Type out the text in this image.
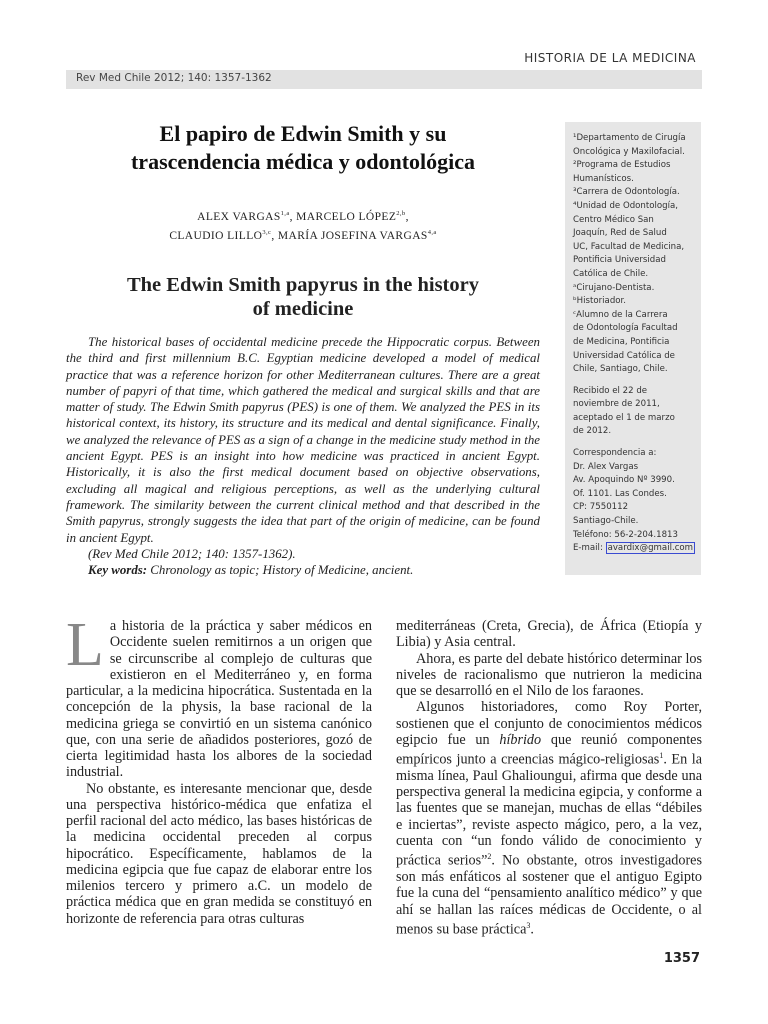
HISTORIA DE LA MEDICINA
Rev Med Chile 2012; 140: 1357-1362
El papiro de Edwin Smith y su
trascendencia médica y odontológica
ALEX VARGAS$^{1,a}$, MARCELO LÓPEZ$^{2,b}$,
CLAUDIO LILLO$^{3,c}$, MARÍA JOSEFINA VARGAS$^{4,a}$
The Edwin Smith papyrus in the history
of medicine

The historical bases of occidental medicine precede the Hippocratic corpus. Between the third and first millennium B.C. Egyptian medicine developed a model of medical practice that was a reference horizon for other Mediterranean cultures. There are a great number of papyri of that time, which gathered the medical and surgical skills and that are matter of study. The Edwin Smith papyrus (PES) is one of them. We analyzed the PES in its historical context, its history, its structure and its medical and dental significance. Finally, we analyzed the relevance of PES as a sign of a change in the medicine study method in the ancient Egypt. PES is an insight into how medicine was practiced in ancient Egypt. Historically, it is also the first medical document based on objective observations, excluding all magical and religious perceptions, as well as the underlying cultural framework. The similarity between the current clinical method and that described in the Smith papyrus, strongly suggests the idea that part of the origin of medicine, can be found in ancient Egypt.

(Rev Med Chile 2012; 140: 1357-1362).

Key words: Chronology as topic; History of Medicine, ancient.

¹Departamento de Cirugía
Oncológica y Maxilofacial.
²Programa de Estudios
Humanísticos.
³Carrera de Odontología.
⁴Unidad de Odontología,
Centro Médico San
Joaquín, Red de Salud
UC, Facultad de Medicina,
Pontificia Universidad
Católica de Chile.
ᵃCirujano-Dentista.
ᵇHistoriador.
ᶜAlumno de la Carrera
de Odontología Facultad
de Medicina, Pontificia
Universidad Católica de
Chile, Santiago, Chile.
Recibido el 22 de
noviembre de 2011,
aceptado el 1 de marzo
de 2012.
Correspondencia a:
Dr. Alex Vargas
Av. Apoquindo Nº 3990.
Of. 1101. Las Condes.
CP: 7550112
Santiago-Chile.
Teléfono: 56-2-204.1813
E-mail: avardix@gmail.com

La historia de la práctica y saber médicos en Occidente suelen remitirnos a un origen que se circunscribe al complejo de culturas que existieron en el Mediterráneo y, en forma particular, a la medicina hipocrática. Sustentada en la concepción de la physis, la base racional de la medicina griega se convirtió en un sistema canónico que, con una serie de añadidos posteriores, gozó de cierta legitimidad hasta los albores de la sociedad industrial.

No obstante, es interesante mencionar que, desde una perspectiva histórico-médica que enfatiza el perfil racional del acto médico, las bases históricas de la medicina occidental preceden al corpus hipocrático. Específicamente, hablamos de la medicina egipcia que fue capaz de elaborar entre los milenios tercero y primero a.C. un modelo de práctica médica que en gran medida se constituyó en horizonte de referencia para otras culturas

mediterráneas (Creta, Grecia), de África (Etiopía y Libia) y Asia central.

Ahora, es parte del debate histórico determinar los niveles de racionalismo que nutrieron la medicina que se desarrolló en el Nilo de los faraones.

Algunos historiadores, como Roy Porter, sostienen que el conjunto de conocimientos médicos egipcio fue un híbrido que reunió componentes empíricos junto a creencias mágico-religiosas$^1$. En la misma línea, Paul Ghalioungui, afirma que desde una perspectiva general la medicina egipcia, y conforme a las fuentes que se manejan, muchas de ellas “débiles e inciertas”, reviste aspecto mágico, pero, a la vez, cuenta con “un fondo válido de conocimiento y práctica serios”$^2$. No obstante, otros investigadores son más enfáticos al sostener que el antiguo Egipto fue la cuna del “pensamiento analítico médico” y que ahí se hallan las raíces médicas de Occidente, o al menos su base práctica$^3$.

1357
